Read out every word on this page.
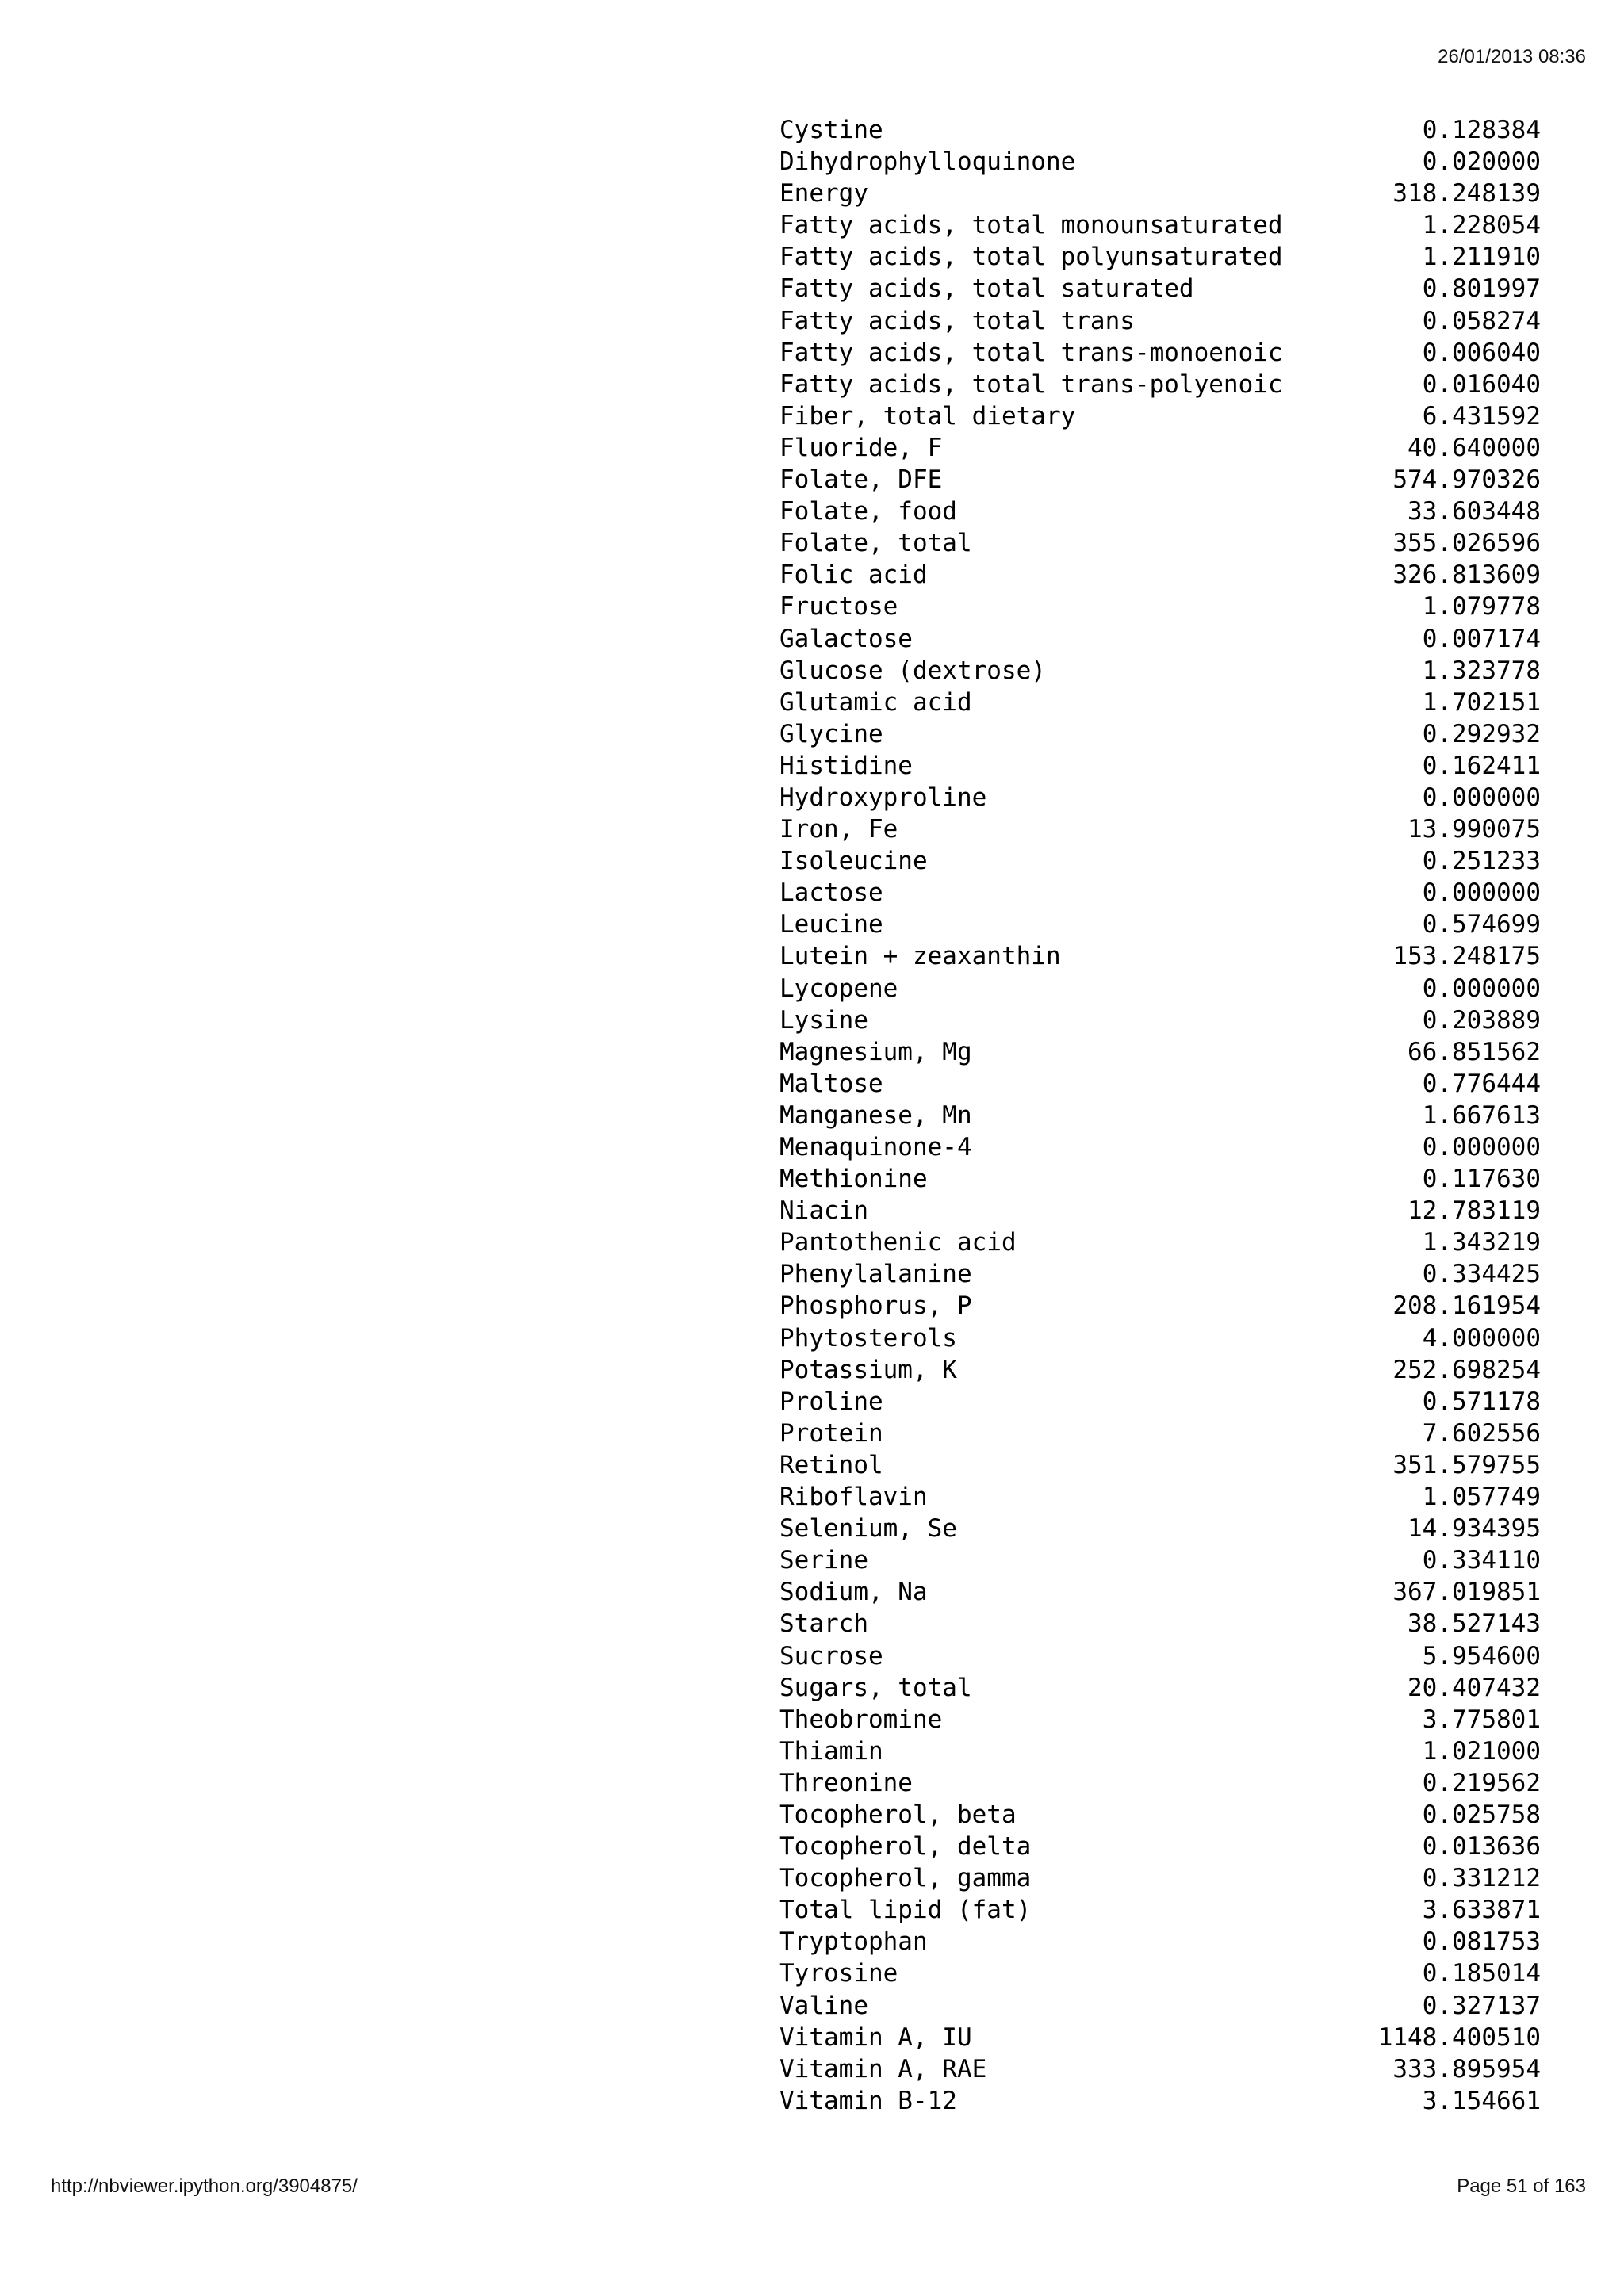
26/01/2013 08:36
Cystine	0.128384
Dihydrophylloquinone	0.020000
Energy	318.248139
Fatty acids, total monounsaturated	1.228054
Fatty acids, total polyunsaturated	1.211910
Fatty acids, total saturated	0.801997
Fatty acids, total trans	0.058274
Fatty acids, total trans-monoenoic	0.006040
Fatty acids, total trans-polyenoic	0.016040
Fiber, total dietary	6.431592
Fluoride, F	40.640000
Folate, DFE	574.970326
Folate, food	33.603448
Folate, total	355.026596
Folic acid	326.813609
Fructose	1.079778
Galactose	0.007174
Glucose (dextrose)	1.323778
Glutamic acid	1.702151
Glycine	0.292932
Histidine	0.162411
Hydroxyproline	0.000000
Iron, Fe	13.990075
Isoleucine	0.251233
Lactose	0.000000
Leucine	0.574699
Lutein + zeaxanthin	153.248175
Lycopene	0.000000
Lysine	0.203889
Magnesium, Mg	66.851562
Maltose	0.776444
Manganese, Mn	1.667613
Menaquinone-4	0.000000
Methionine	0.117630
Niacin	12.783119
Pantothenic acid	1.343219
Phenylalanine	0.334425
Phosphorus, P	208.161954
Phytosterols	4.000000
Potassium, K	252.698254
Proline	0.571178
Protein	7.602556
Retinol	351.579755
Riboflavin	1.057749
Selenium, Se	14.934395
Serine	0.334110
Sodium, Na	367.019851
Starch	38.527143
Sucrose	5.954600
Sugars, total	20.407432
Theobromine	3.775801
Thiamin	1.021000
Threonine	0.219562
Tocopherol, beta	0.025758
Tocopherol, delta	0.013636
Tocopherol, gamma	0.331212
Total lipid (fat)	3.633871
Tryptophan	0.081753
Tyrosine	0.185014
Valine	0.327137
Vitamin A, IU	1148.400510
Vitamin A, RAE	333.895954
Vitamin B-12	3.154661
http://nbviewer.ipython.org/3904875/	Page 51 of 163
